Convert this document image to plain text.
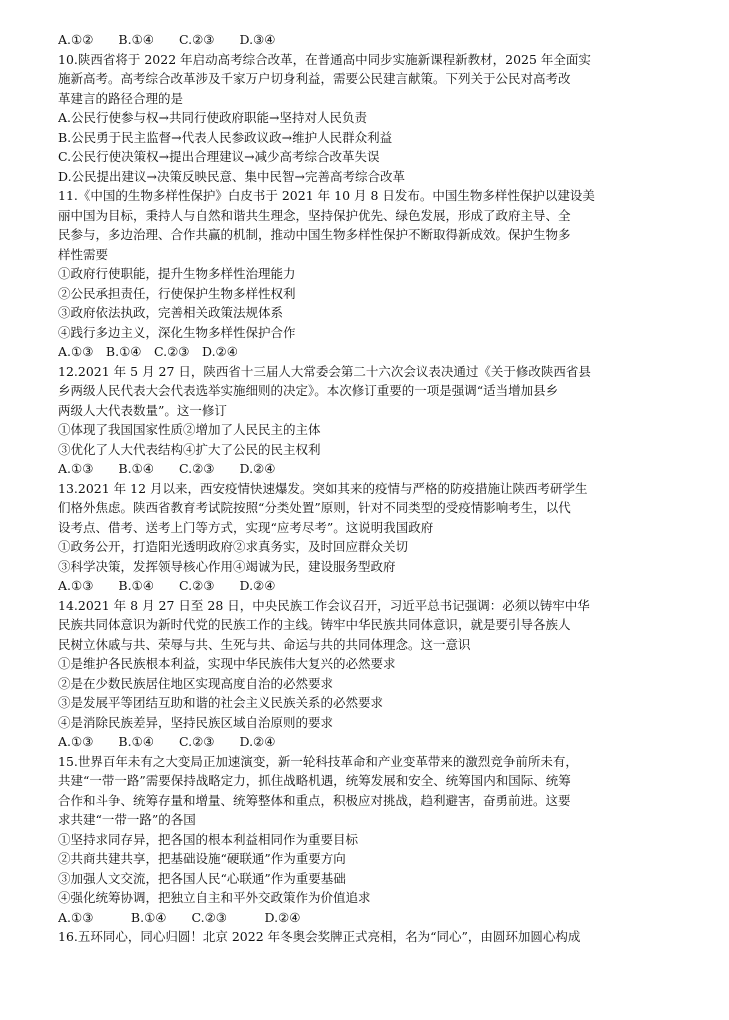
A.①②　　B.①④　　C.②③　　D.③④
10.陕西省将于 2022 年启动高考综合改革，在普通高中同步实施新课程新教材，2025 年全面实
施新高考。高考综合改革涉及千家万户切身利益，需要公民建言献策。下列关于公民对高考改
革建言的路径合理的是
A.公民行使参与权→共同行使政府职能→坚持对人民负责
B.公民勇于民主监督→代表人民参政议政→维护人民群众利益
C.公民行使决策权→提出合理建议→减少高考综合改革失误
D.公民提出建议→决策反映民意、集中民智→完善高考综合改革
11.《中国的生物多样性保护》白皮书于 2021 年 10 月 8 日发布。中国生物多样性保护以建设美
丽中国为目标，秉持人与自然和谐共生理念，坚持保护优先、绿色发展，形成了政府主导、全
民参与，多边治理、合作共赢的机制，推动中国生物多样性保护不断取得新成效。保护生物多
样性需要
①政府行使职能，提升生物多样性治理能力
②公民承担责任，行使保护生物多样性权利
③政府依法执政，完善相关政策法规体系
④践行多边主义，深化生物多样性保护合作
A.①③　B.①④　C.②③　D.②④
12.2021 年 5 月 27 日，陕西省十三届人大常委会第二十六次会议表决通过《关于修改陕西省县
乡两级人民代表大会代表选举实施细则的决定》。本次修订重要的一项是强调“适当增加县乡
两级人大代表数量”。这一修订
①体现了我国国家性质②增加了人民民主的主体
③优化了人大代表结构④扩大了公民的民主权利
A.①③　　B.①④　　C.②③　　D.②④
13.2021 年 12 月以来，西安疫情快速爆发。突如其来的疫情与严格的防疫措施让陕西考研学生
们格外焦虑。陕西省教育考试院按照“分类处置”原则，针对不同类型的受疫情影响考生，以代
设考点、借考、送考上门等方式，实现“应考尽考”。这说明我国政府
①政务公开，打造阳光透明政府②求真务实，及时回应群众关切
③科学决策，发挥领导核心作用④竭诚为民，建设服务型政府
A.①③　　B.①④　　C.②③　　D.②④
14.2021 年 8 月 27 日至 28 日，中央民族工作会议召开，习近平总书记强调：必须以铸牢中华
民族共同体意识为新时代党的民族工作的主线。铸牢中华民族共同体意识，就是要引导各族人
民树立休戚与共、荣辱与共、生死与共、命运与共的共同体理念。这一意识
①是维护各民族根本利益，实现中华民族伟大复兴的必然要求
②是在少数民族居住地区实现高度自治的必然要求
③是发展平等团结互助和谐的社会主义民族关系的必然要求
④是消除民族差异，坚持民族区域自治原则的要求
A.①③　　B.①④　　C.②③　　D.②④
15.世界百年未有之大变局正加速演变，新一轮科技革命和产业变革带来的激烈竞争前所未有，
共建“一带一路”需要保持战略定力，抓住战略机遇，统筹发展和安全、统筹国内和国际、统筹
合作和斗争、统筹存量和增量、统筹整体和重点，积极应对挑战，趋利避害，奋勇前进。这要
求共建“一带一路”的各国
①坚持求同存异，把各国的根本利益相同作为重要目标
②共商共建共享，把基础设施“硬联通”作为重要方向
③加强人文交流，把各国人民“心联通”作为重要基础
④强化统筹协调，把独立自主和平外交政策作为价值追求
A.①③　　　B.①④　　C.②③　　　D.②④
16.五环同心，同心归圆！北京 2022 年冬奥会奖牌正式亮相，名为“同心”，由圆环加圆心构成
